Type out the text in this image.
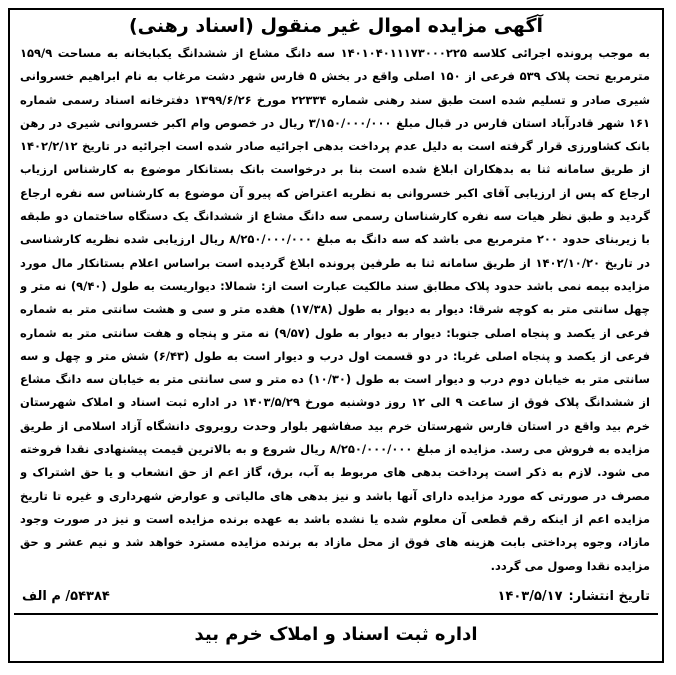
آگهی مزایده اموال غیر منقول (اسناد رهنی)
به موجب پرونده اجرائی کلاسه ۱۴۰۱۰۴۰۱۱۱۷۳۰۰۰۲۲۵ سه دانگ مشاع از ششدانگ یکبابخانه به مساحت ۱۵۹/۹ مترمربع تحت پلاک ۵۳۹ فرعی از ۱۵۰ اصلی واقع در بخش ۵ فارس شهر دشت مرغاب به نام ابراهیم خسروانی شیری صادر و تسلیم شده است طبق سند رهنی شماره ۲۲۳۳۴ مورخ ۱۳۹۹/۶/۲۶ دفترخانه اسناد رسمی شماره ۱۶۱ شهر قادرآباد استان فارس در قبال مبلغ ۳/۱۵۰/۰۰۰/۰۰۰ ریال در خصوص وام اکبر خسروانی شیری در رهن بانک کشاورزی قرار گرفته است به دلیل عدم پرداخت بدهی اجرائیه صادر شده است اجرائیه در تاریخ ۱۴۰۲/۲/۱۲ از طریق سامانه ثنا به بدهکاران ابلاغ شده است بنا بر درخواست بانک بستانکار موضوع به کارشناس ارزیاب ارجاع که پس از ارزیابی آقای اکبر خسروانی به نظریه اعتراض که پیرو آن موضوع به کارشناس سه نفره ارجاع گردید و طبق نظر هیات سه نفره کارشناسان رسمی سه دانگ مشاع از ششدانگ یک دستگاه ساختمان دو طبقه با زیربنای حدود ۲۰۰ مترمربع می باشد که سه دانگ به مبلغ ۸/۲۵۰/۰۰۰/۰۰۰ ریال ارزیابی شده نظریه کارشناسی در تاریخ ۱۴۰۲/۱۰/۲۰ از طریق سامانه ثنا به طرفین پرونده ابلاغ گردیده است براساس اعلام بستانکار مال مورد مزایده بیمه نمی باشد حدود پلاک مطابق سند مالکیت عبارت است از: شمالا: دیواریست به طول (۹/۴۰) نه متر و چهل سانتی متر به کوچه شرقا: دیوار به دیوار به طول (۱۷/۳۸) هفده متر و سی و هشت سانتی متر به شماره فرعی از یکصد و پنجاه اصلی جنوبا: دیوار به دیوار به طول (۹/۵۷) نه متر و پنجاه و هفت سانتی متر به شماره فرعی از یکصد و پنجاه اصلی غربا: در دو قسمت اول درب و دیوار است به طول (۶/۴۳) شش متر و چهل و سه سانتی متر به خیابان دوم درب و دیوار است به طول (۱۰/۳۰) ده متر و سی سانتی متر به خیابان سه دانگ مشاع از ششدانگ پلاک فوق از ساعت ۹ الی ۱۲ روز دوشنبه مورخ ۱۴۰۳/۵/۲۹ در اداره ثبت اسناد و املاک شهرستان خرم بید واقع در استان فارس شهرستان خرم بید صفاشهر بلوار وحدت روبروی دانشگاه آزاد اسلامی از طریق مزایده به فروش می رسد. مزایده از مبلغ ۸/۲۵۰/۰۰۰/۰۰۰ ریال شروع و به بالاترین قیمت پیشنهادی نقدا فروخته می شود. لازم به ذکر است پرداخت بدهی های مربوط به آب، برق، گاز اعم از حق انشعاب و یا حق اشتراک و مصرف در صورتی که مورد مزایده دارای آنها باشد و نیز بدهی های مالیاتی و عوارض شهرداری و غیره تا تاریخ مزایده اعم از اینکه رقم قطعی آن معلوم شده یا نشده باشد به عهده برنده مزایده است و نیز در صورت وجود مازاد، وجوه پرداختی بابت هزینه های فوق از محل مازاد به برنده مزایده مسترد خواهد شد و نیم عشر و حق مزایده نقدا وصول می گردد.
تاریخ انتشار:۱۴۰۳/۵/۱۷
۵۴۳۸۴/ م الف
اداره ثبت اسناد و املاک خرم بید
